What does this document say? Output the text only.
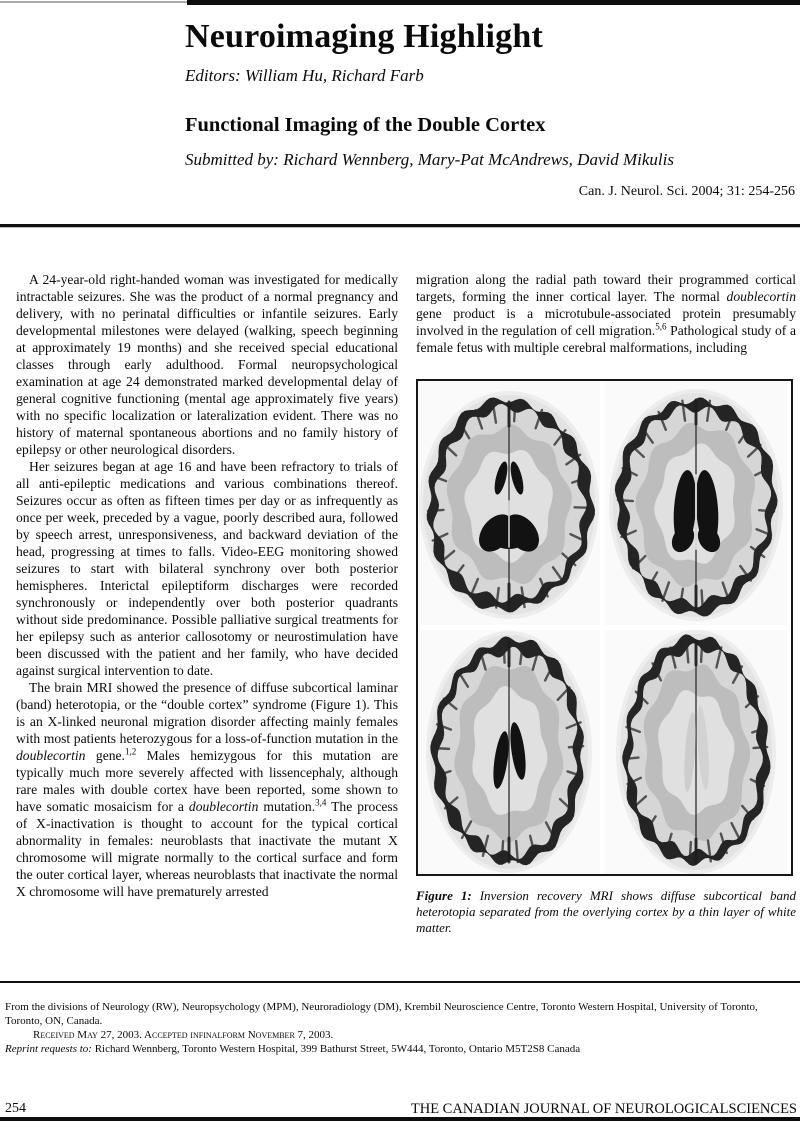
Neuroimaging Highlight
Editors: William Hu, Richard Farb
Functional Imaging of the Double Cortex
Submitted by: Richard Wennberg, Mary-Pat McAndrews, David Mikulis
Can. J. Neurol. Sci. 2004; 31: 254-256

A 24-year-old right-handed woman was investigated for medically intractable seizures. She was the product of a normal pregnancy and delivery, with no perinatal difficulties or infantile seizures. Early developmental milestones were delayed (walking, speech beginning at approximately 19 months) and she received special educational classes through early adulthood. Formal neuropsychological examination at age 24 demonstrated marked developmental delay of general cognitive functioning (mental age approximately five years) with no specific localization or lateralization evident. There was no history of maternal spontaneous abortions and no family history of epilepsy or other neurological disorders.

Her seizures began at age 16 and have been refractory to trials of all anti-epileptic medications and various combinations thereof. Seizures occur as often as fifteen times per day or as infrequently as once per week, preceded by a vague, poorly described aura, followed by speech arrest, unresponsiveness, and backward deviation of the head, progressing at times to falls. Video-EEG monitoring showed seizures to start with bilateral synchrony over both posterior hemispheres. Interictal epileptiform discharges were recorded synchronously or independently over both posterior quadrants without side predominance. Possible palliative surgical treatments for her epilepsy such as anterior callosotomy or neurostimulation have been discussed with the patient and her family, who have decided against surgical intervention to date.

The brain MRI showed the presence of diffuse subcortical laminar (band) heterotopia, or the “double cortex” syndrome (Figure 1). This is an X-linked neuronal migration disorder affecting mainly females with most patients heterozygous for a loss-of-function mutation in the doublecortin gene.$^{1,2}$ Males hemizygous for this mutation are typically much more severely affected with lissencephaly, although rare males with double cortex have been reported, some shown to have somatic mosaicism for a doublecortin mutation.$^{3,4}$ The process of X-inactivation is thought to account for the typical cortical abnormality in females: neuroblasts that inactivate the mutant X chromosome will migrate normally to the cortical surface and form the outer cortical layer, whereas neuroblasts that inactivate the normal X chromosome will have prematurely arrested

migration along the radial path toward their programmed cortical targets, forming the inner cortical layer. The normal doublecortin gene product is a microtubule-associated protein presumably involved in the regulation of cell migration.$^{5,6}$ Pathological study of a female fetus with multiple cerebral malformations, including

Figure 1: Inversion recovery MRI shows diffuse subcortical band heterotopia separated from the overlying cortex by a thin layer of white matter.

From the divisions of Neurology (RW), Neuropsychology (MPM), Neuroradiology (DM), Krembil Neuroscience Centre, Toronto Western Hospital, University of Toronto, Toronto, ON, Canada.

Received May 27, 2003. Accepted infinalform November 7, 2003.

Reprint requests to: Richard Wennberg, Toronto Western Hospital, 399 Bathurst Street, 5W444, Toronto, Ontario M5T2S8 Canada

254	THE CANADIAN JOURNAL OF NEUROLOGICALSCIENCES
